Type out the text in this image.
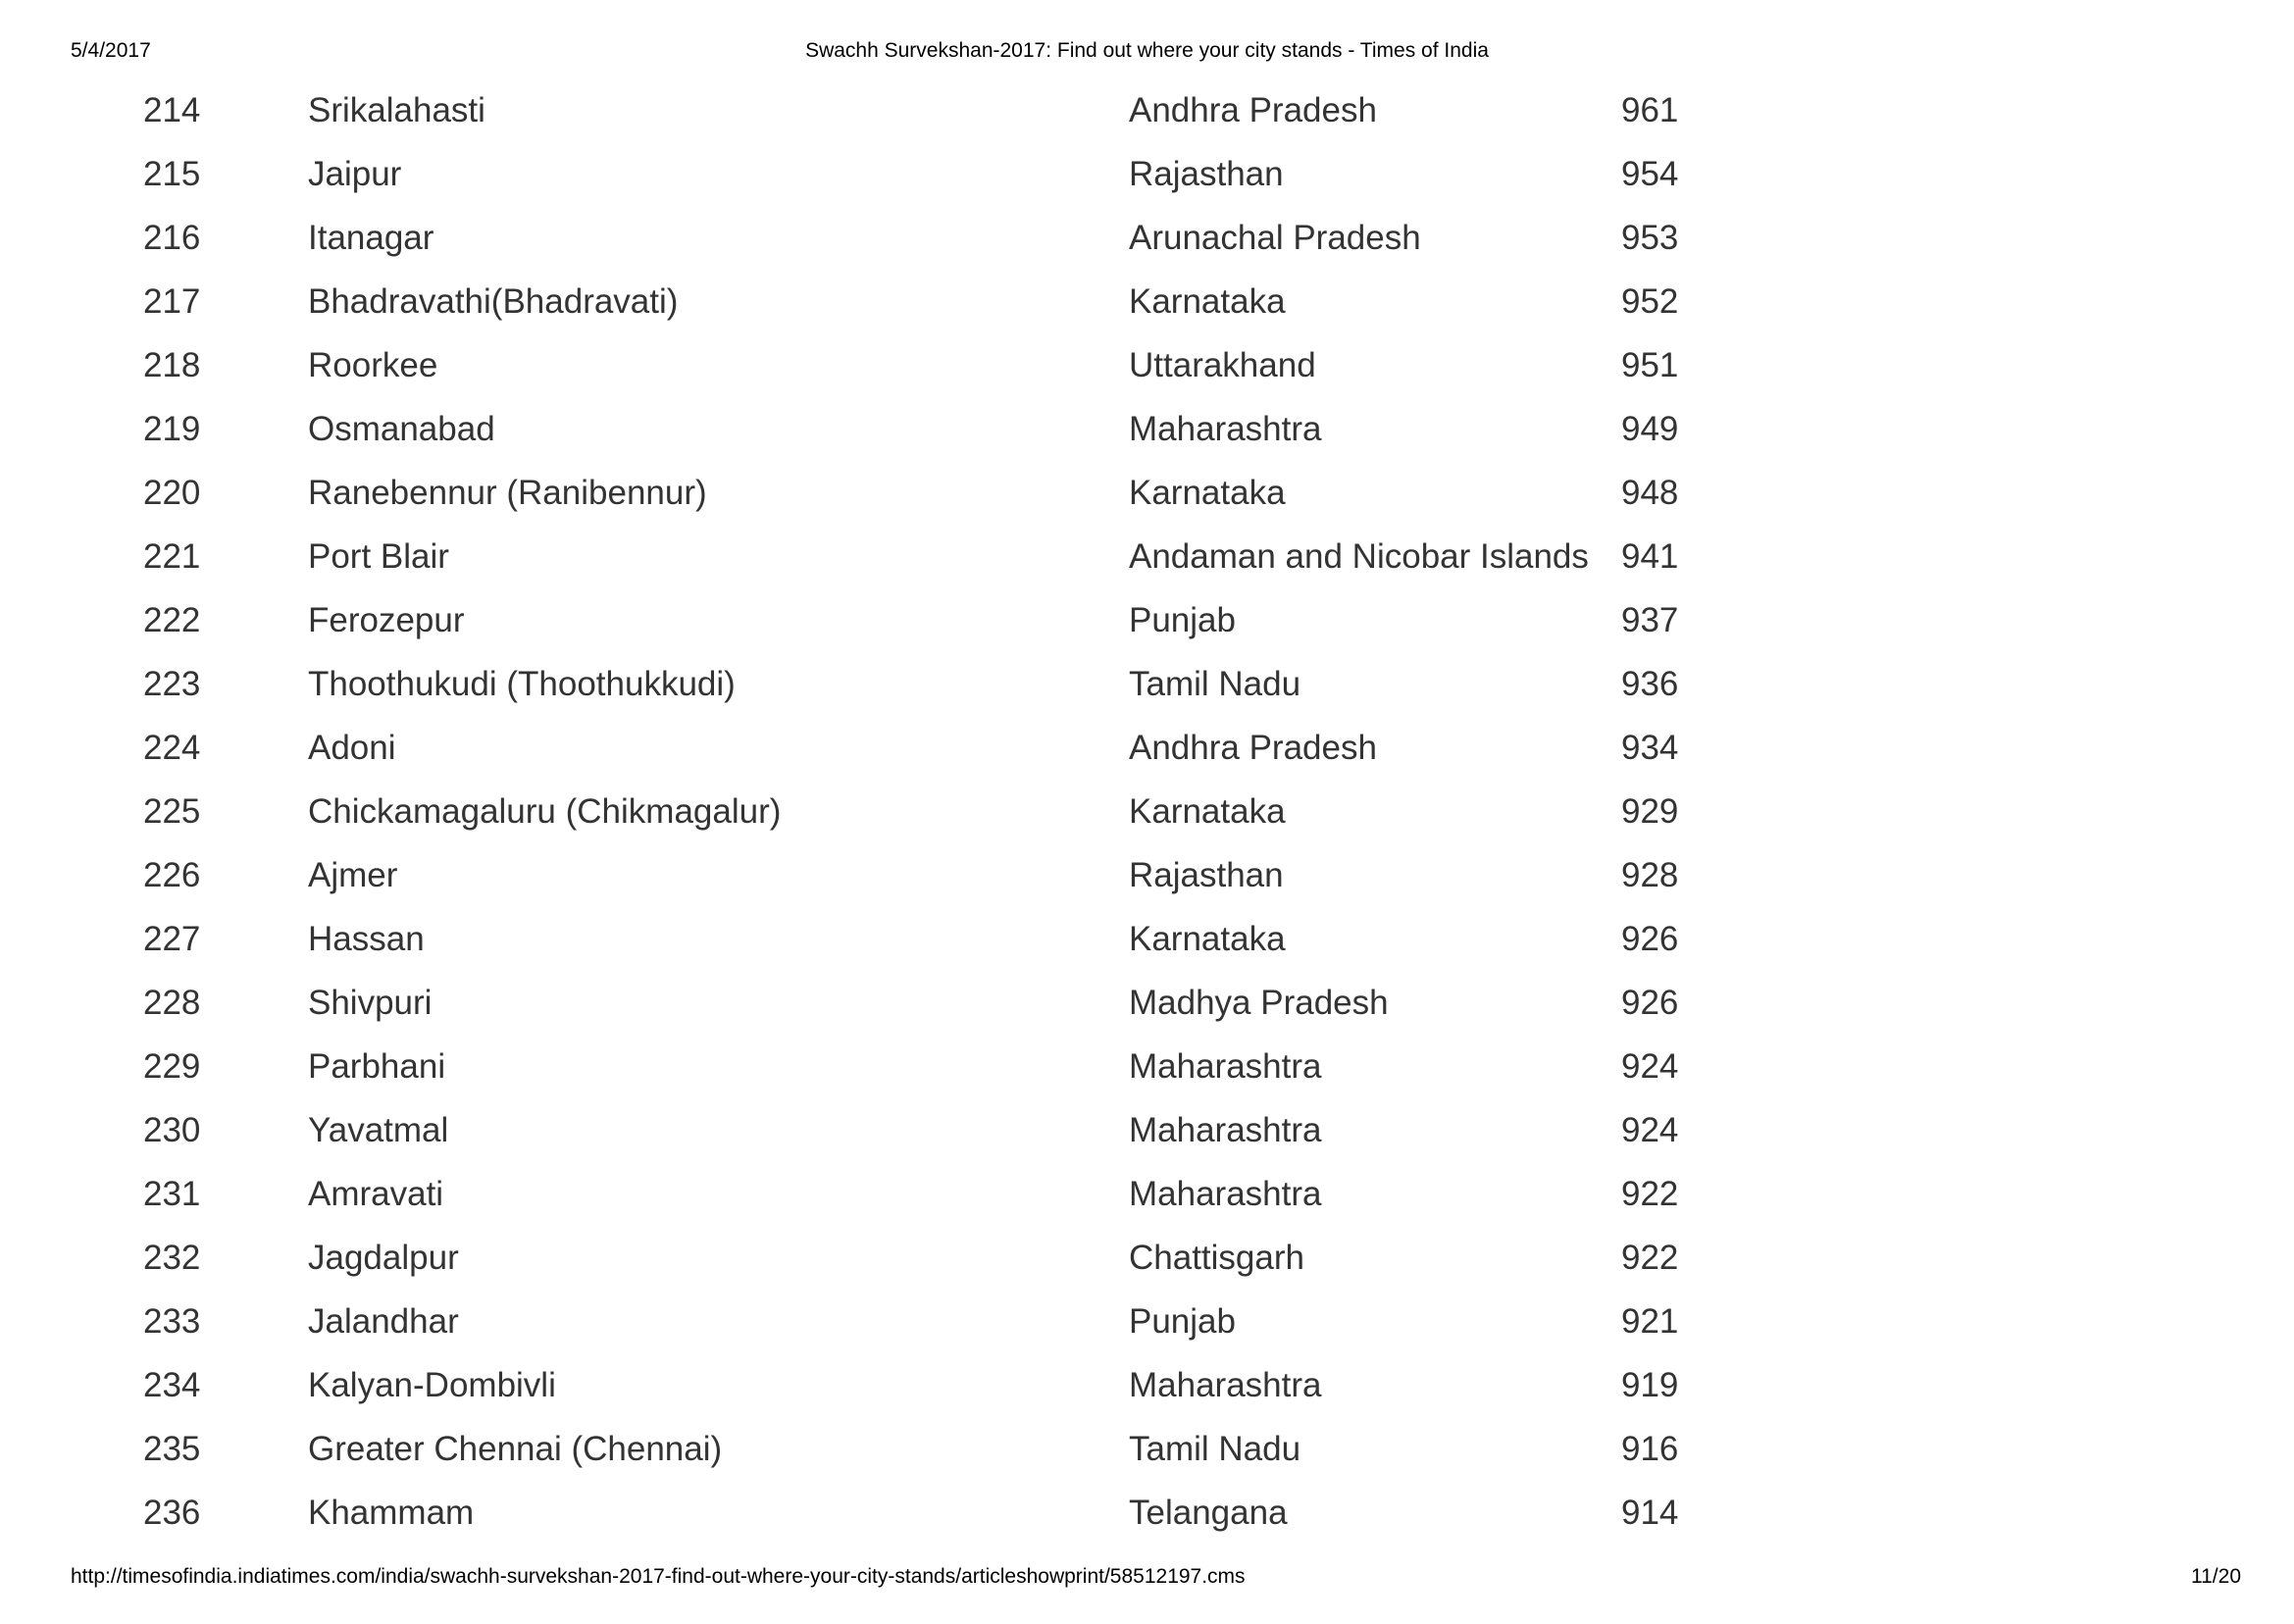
5/4/2017	Swachh Survekshan-2017: Find out where your city stands - Times of India
214	Srikalahasti	Andhra Pradesh	961
215	Jaipur	Rajasthan	954
216	Itanagar	Arunachal Pradesh	953
217	Bhadravathi(Bhadravati)	Karnataka	952
218	Roorkee	Uttarakhand	951
219	Osmanabad	Maharashtra	949
220	Ranebennur (Ranibennur)	Karnataka	948
221	Port Blair	Andaman and Nicobar Islands 941
222	Ferozepur	Punjab	937
223	Thoothukudi (Thoothukkudi)	Tamil Nadu	936
224	Adoni	Andhra Pradesh	934
225	Chickamagaluru (Chikmagalur)	Karnataka	929
226	Ajmer	Rajasthan	928
227	Hassan	Karnataka	926
228	Shivpuri	Madhya Pradesh	926
229	Parbhani	Maharashtra	924
230	Yavatmal	Maharashtra	924
231	Amravati	Maharashtra	922
232	Jagdalpur	Chattisgarh	922
233	Jalandhar	Punjab	921
234	Kalyan-Dombivli	Maharashtra	919
235	Greater Chennai (Chennai)	Tamil Nadu	916
236	Khammam	Telangana	914
http://timesofindia.indiatimes.com/india/swachh-survekshan-2017-find-out-where-your-city-stands/articleshowprint/58512197.cms	11/20
